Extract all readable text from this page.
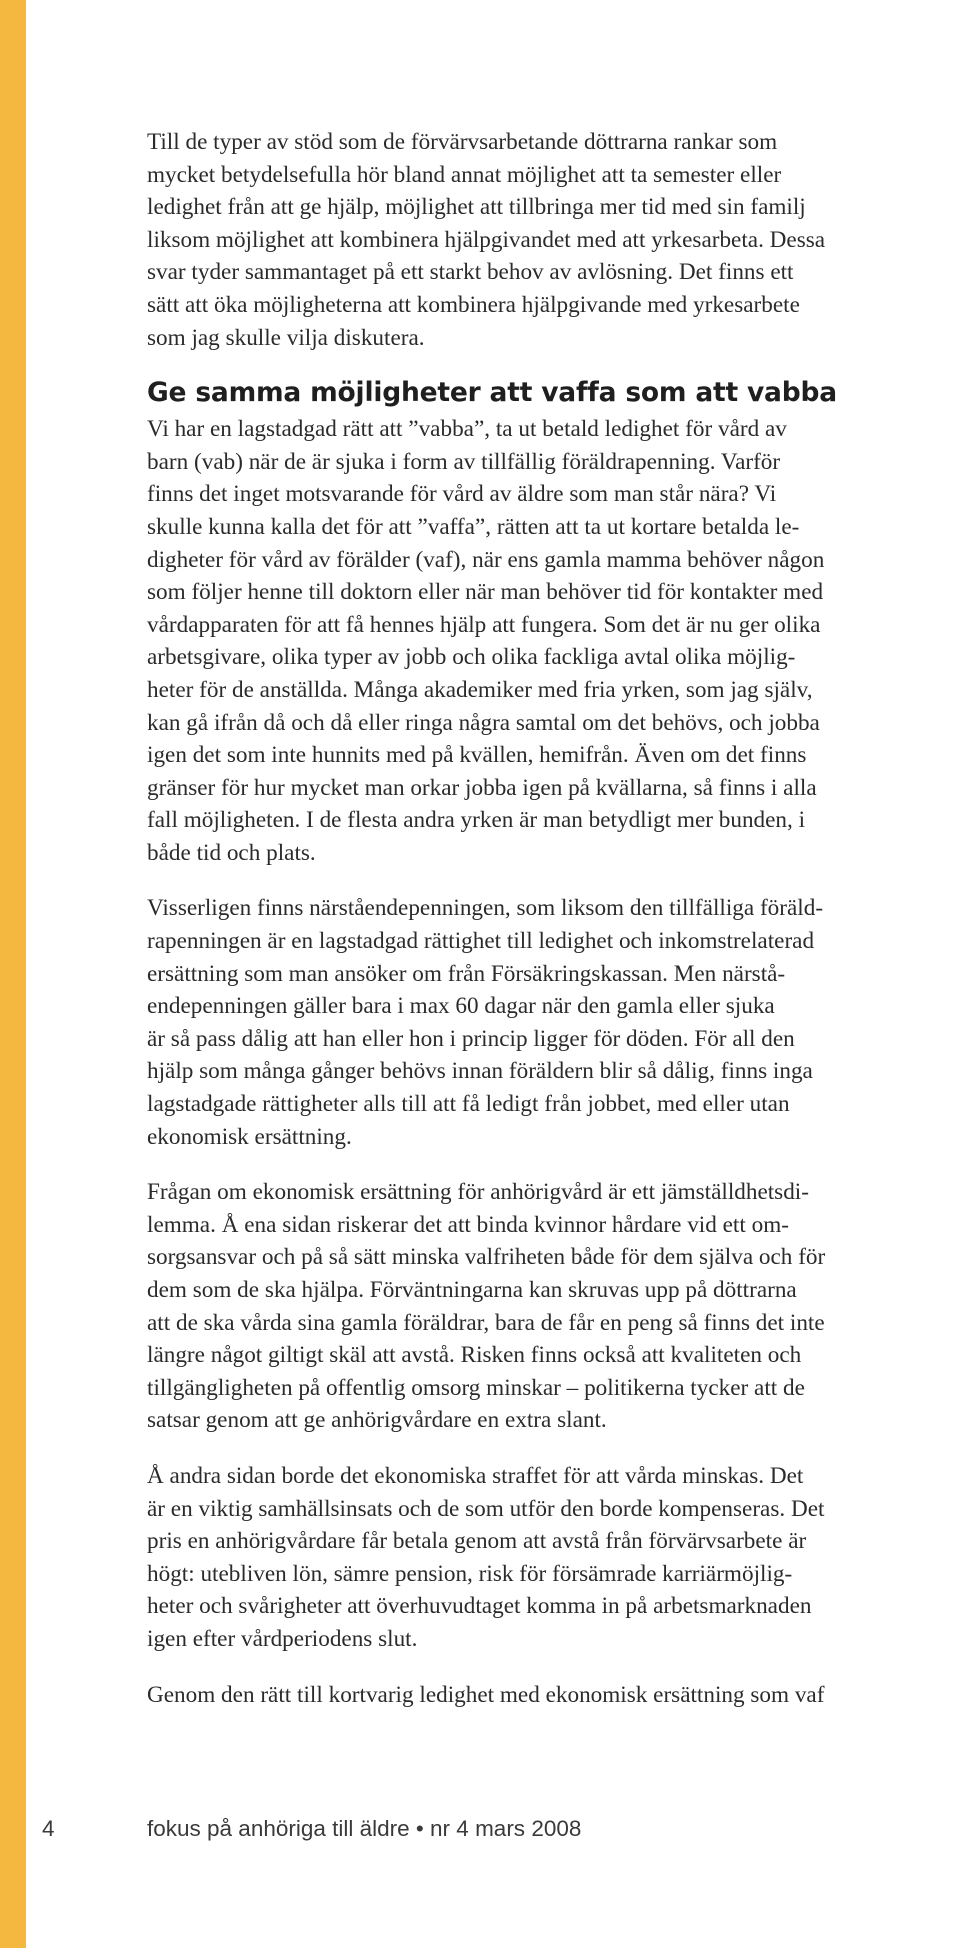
Till de typer av stöd som de förvärvsarbetande döttrarna rankar som
mycket betydelsefulla hör bland annat möjlighet att ta semester eller
ledighet från att ge hjälp, möjlighet att tillbringa mer tid med sin familj
liksom möjlighet att kombinera hjälpgivandet med att yrkesarbeta. Dessa
svar tyder sammantaget på ett starkt behov av avlösning. Det finns ett
sätt att öka möjligheterna att kombinera hjälpgivande med yrkesarbete
som jag skulle vilja diskutera.

Ge samma möjligheter att vaffa som att vabba

Vi har en lagstadgad rätt att ”vabba”, ta ut betald ledighet för vård av
barn (vab) när de är sjuka i form av tillfällig föräldrapenning. Varför
finns det inget motsvarande för vård av äldre som man står nära? Vi
skulle kunna kalla det för att ”vaffa”, rätten att ta ut kortare betalda le-
digheter för vård av förälder (vaf), när ens gamla mamma behöver någon
som följer henne till doktorn eller när man behöver tid för kontakter med
vårdapparaten för att få hennes hjälp att fungera. Som det är nu ger olika
arbetsgivare, olika typer av jobb och olika fackliga avtal olika möjlig-
heter för de anställda. Många akademiker med fria yrken, som jag själv,
kan gå ifrån då och då eller ringa några samtal om det behövs, och jobba
igen det som inte hunnits med på kvällen, hemifrån. Även om det finns
gränser för hur mycket man orkar jobba igen på kvällarna, så finns i alla
fall möjligheten. I de flesta andra yrken är man betydligt mer bunden, i
både tid och plats.

Visserligen finns närståendepenningen, som liksom den tillfälliga föräld-
rapenningen är en lagstadgad rättighet till ledighet och inkomstrelaterad
ersättning som man ansöker om från Försäkringskassan. Men närstå-
endepenningen gäller bara i max 60 dagar när den gamla eller sjuka
är så pass dålig att han eller hon i princip ligger för döden. För all den
hjälp som många gånger behövs innan föräldern blir så dålig, finns inga
lagstadgade rättigheter alls till att få ledigt från jobbet, med eller utan
ekonomisk ersättning.

Frågan om ekonomisk ersättning för anhörigvård är ett jämställdhetsdi-
lemma. Å ena sidan riskerar det att binda kvinnor hårdare vid ett om-
sorgsansvar och på så sätt minska valfriheten både för dem själva och för
dem som de ska hjälpa. Förväntningarna kan skruvas upp på döttrarna
att de ska vårda sina gamla föräldrar, bara de får en peng så finns det inte
längre något giltigt skäl att avstå. Risken finns också att kvaliteten och
tillgängligheten på offentlig omsorg minskar – politikerna tycker att de
satsar genom att ge anhörigvårdare en extra slant.

Å andra sidan borde det ekonomiska straffet för att vårda minskas. Det
är en viktig samhällsinsats och de som utför den borde kompenseras. Det
pris en anhörigvårdare får betala genom att avstå från förvärvsarbete är
högt: utebliven lön, sämre pension, risk för försämrade karriärmöjlig-
heter och svårigheter att överhuvudtaget komma in på arbetsmarknaden
igen efter vårdperiodens slut.

Genom den rätt till kortvarig ledighet med ekonomisk ersättning som vaf

4	fokus på anhöriga till äldre • nr 4 mars 2008
